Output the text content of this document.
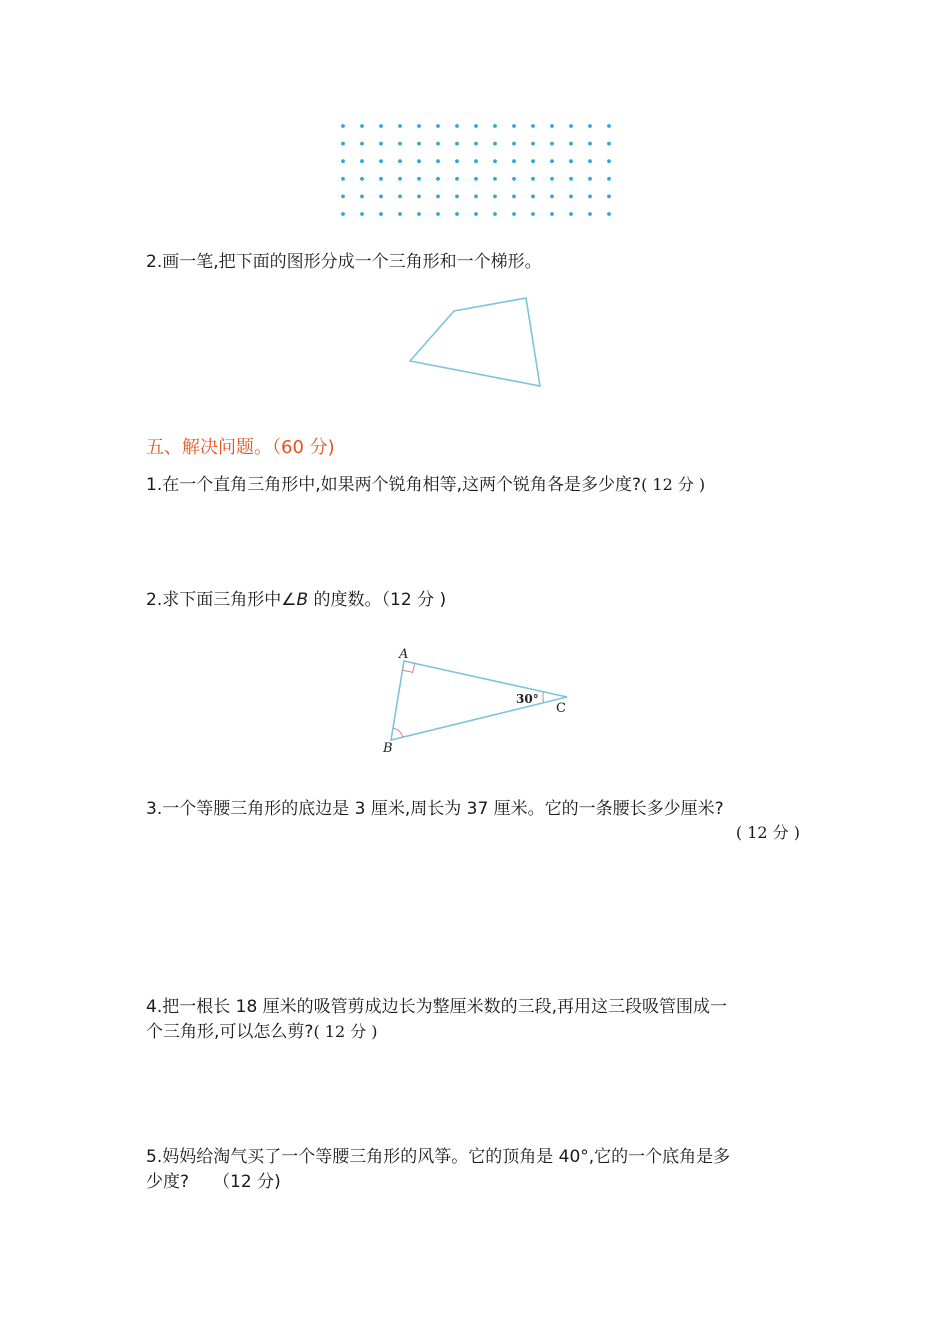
2.画一笔,把下面的图形分成一个三角形和一个梯形。
五、解决问题。（60 分)
1.在一个直角三角形中,如果两个锐角相等,这两个锐角各是多少度?( 12 分 )
2.求下面三角形中∠B 的度数。（12 分 )
A
B
C
30°
3.一个等腰三角形的底边是 3 厘米,周长为 37 厘米。它的一条腰长多少厘米?
( 12 分 )
4.把一根长 18 厘米的吸管剪成边长为整厘米数的三段,再用这三段吸管围成一
个三角形,可以怎么剪?( 12 分 )
5.妈妈给淘气买了一个等腰三角形的风筝。它的顶角是 40°,它的一个底角是多
少度? （12 分)
